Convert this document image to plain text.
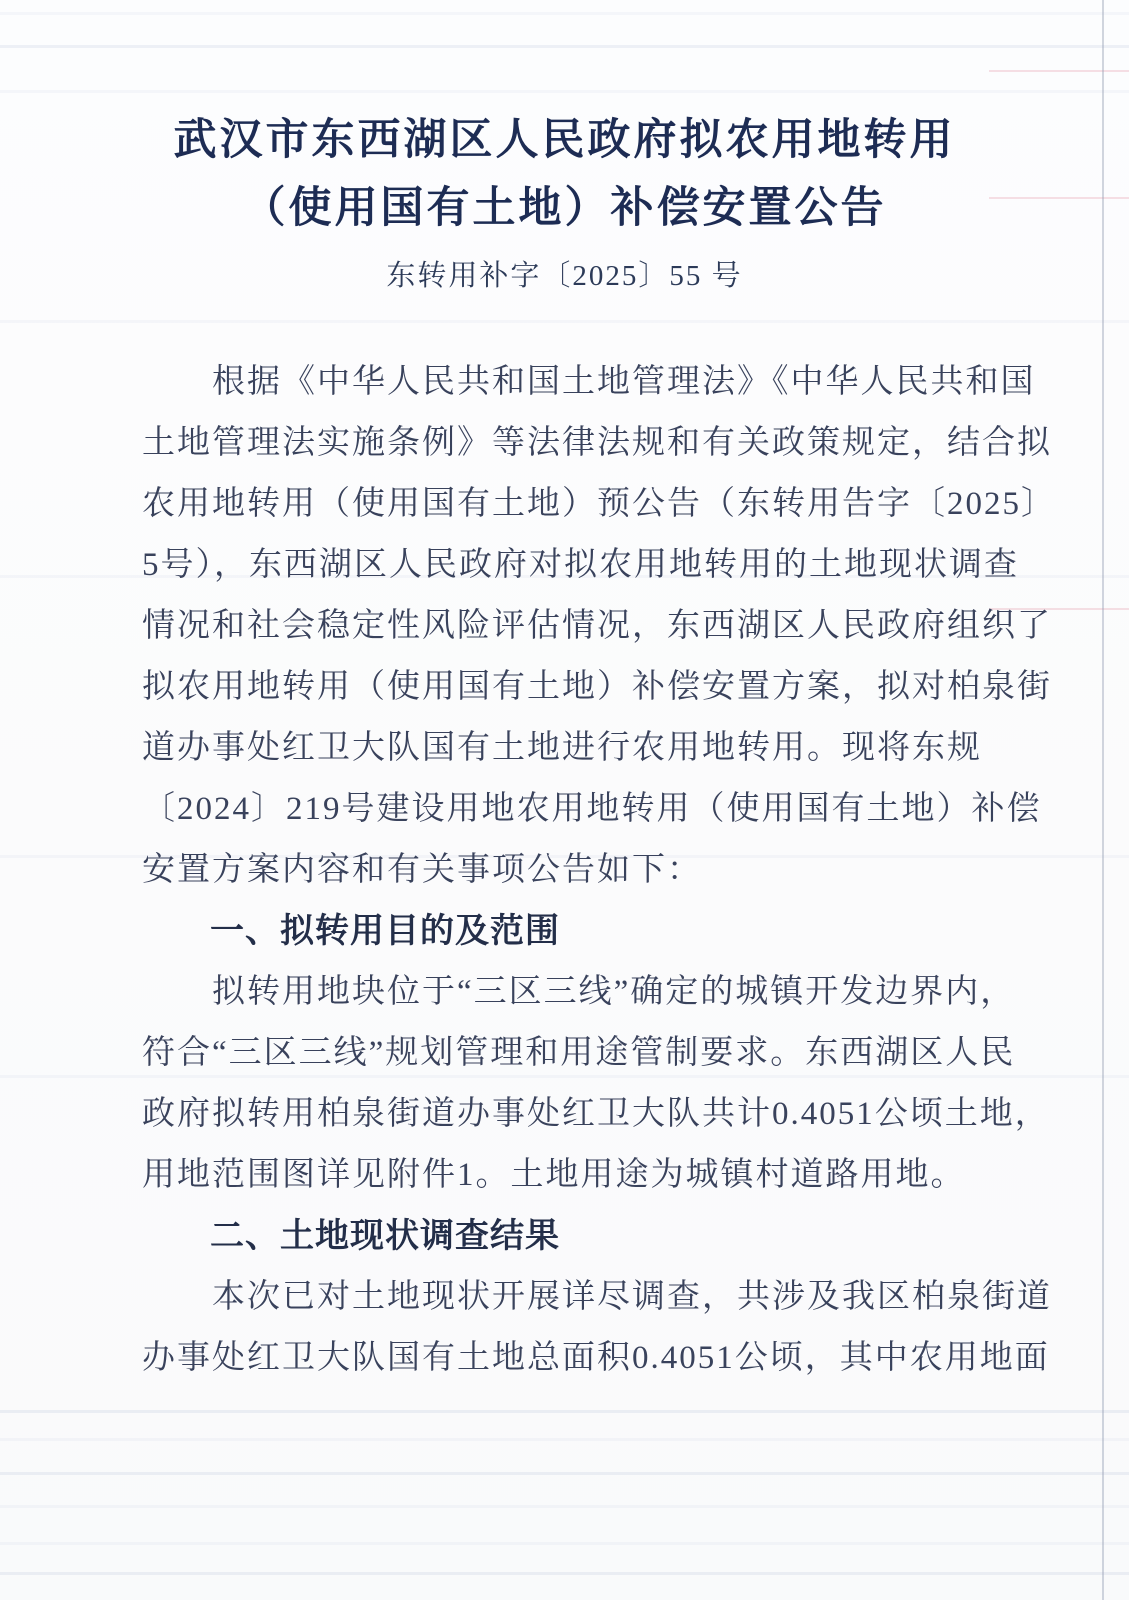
武汉市东西湖区人民政府拟农用地转用
（使用国有土地）补偿安置公告
东转用补字〔2025〕55 号
根据《中华人民共和国土地管理法》《中华人民共和国
土地管理法实施条例》等法律法规和有关政策规定，结合拟
农用地转用（使用国有土地）预公告（东转用告字〔2025〕
5号），东西湖区人民政府对拟农用地转用的土地现状调查
情况和社会稳定性风险评估情况，东西湖区人民政府组织了
拟农用地转用（使用国有土地）补偿安置方案，拟对柏泉街
道办事处红卫大队国有土地进行农用地转用。现将东规
〔2024〕219号建设用地农用地转用（使用国有土地）补偿
安置方案内容和有关事项公告如下：
一、拟转用目的及范围
拟转用地块位于“三区三线”确定的城镇开发边界内，
符合“三区三线”规划管理和用途管制要求。东西湖区人民
政府拟转用柏泉街道办事处红卫大队共计0.4051公顷土地，
用地范围图详见附件1。土地用途为城镇村道路用地。
二、土地现状调查结果
本次已对土地现状开展详尽调查，共涉及我区柏泉街道
办事处红卫大队国有土地总面积0.4051公顷，其中农用地面
